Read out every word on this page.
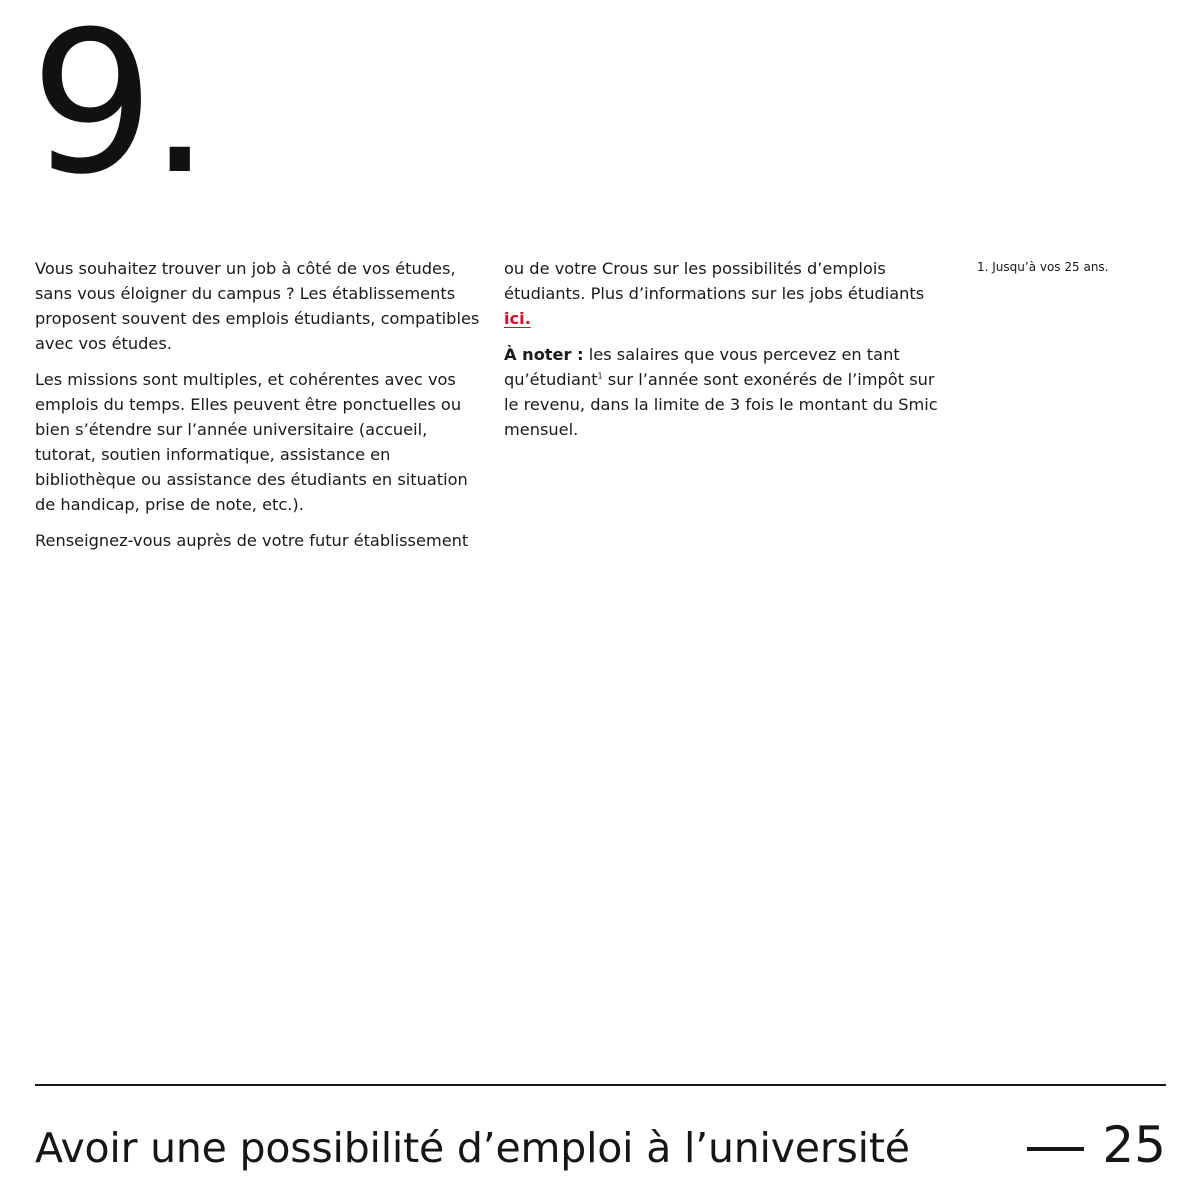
9.

Vous souhaitez trouver un job à côté de vos études, sans vous éloigner du campus ? Les établissements proposent souvent des emplois étudiants, compatibles avec vos études.

Les missions sont multiples, et cohérentes avec vos emplois du temps. Elles peuvent être ponctuelles ou bien s’étendre sur l’année universitaire (accueil, tutorat, soutien informatique, assistance en bibliothèque ou assistance des étudiants en situation de handicap, prise de note, etc.).

Renseignez-vous auprès de votre futur établissement

ou de votre Crous sur les possibilités d’emplois étudiants. Plus d’informations sur les jobs étudiants ici.

À noter : les salaires que vous percevez en tant qu’étudiant$^1$ sur l’année sont exonérés de l’impôt sur le revenu, dans la limite de 3 fois le montant du Smic mensuel.

1. Jusqu’à vos 25 ans.
Avoir une possibilité d’emploi à l’université	25
